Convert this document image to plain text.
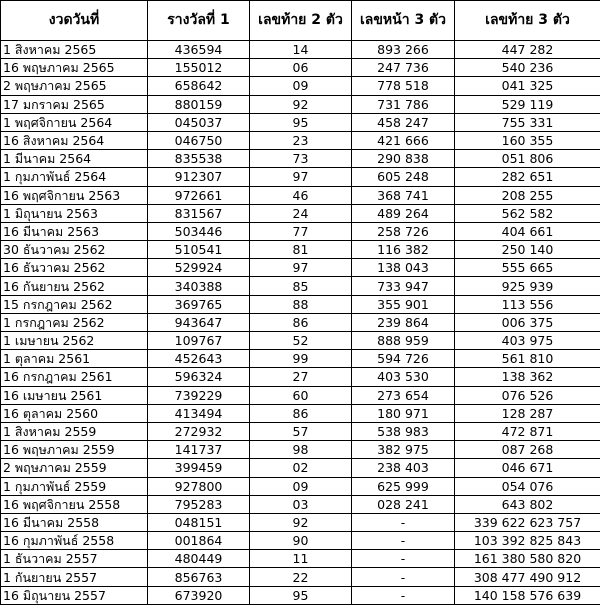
งวดวันที่	รางวัลที่ 1	เลขท้าย 2 ตัว	เลขหน้า 3 ตัว	เลขท้าย 3 ตัว
1 สิงหาคม 2565	436594	14	893 266	447 282
16 พฤษภาคม 2565	155012	06	247 736	540 236
2 พฤษภาคม 2565	658642	09	778 518	041 325
17 มกราคม 2565	880159	92	731 786	529 119
1 พฤศจิกายน 2564	045037	95	458 247	755 331
16 สิงหาคม 2564	046750	23	421 666	160 355
1 มีนาคม 2564	835538	73	290 838	051 806
1 กุมภาพันธ์ 2564	912307	97	605 248	282 651
16 พฤศจิกายน 2563	972661	46	368 741	208 255
1 มิถุนายน 2563	831567	24	489 264	562 582
16 มีนาคม 2563	503446	77	258 726	404 661
30 ธันวาคม 2562	510541	81	116 382	250 140
16 ธันวาคม 2562	529924	97	138 043	555 665
16 กันยายน 2562	340388	85	733 947	925 939
15 กรกฎาคม 2562	369765	88	355 901	113 556
1 กรกฎาคม 2562	943647	86	239 864	006 375
1 เมษายน 2562	109767	52	888 959	403 975
1 ตุลาคม 2561	452643	99	594 726	561 810
16 กรกฎาคม 2561	596324	27	403 530	138 362
16 เมษายน 2561	739229	60	273 654	076 526
16 ตุลาคม 2560	413494	86	180 971	128 287
1 สิงหาคม 2559	272932	57	538 983	472 871
16 พฤษภาคม 2559	141737	98	382 975	087 268
2 พฤษภาคม 2559	399459	02	238 403	046 671
1 กุมภาพันธ์ 2559	927800	09	625 999	054 076
16 พฤศจิกายน 2558	795283	03	028 241	643 802
16 มีนาคม 2558	048151	92	-	339 622 623 757
16 กุมภาพันธ์ 2558	001864	90	-	103 392 825 843
1 ธันวาคม 2557	480449	11	-	161 380 580 820
1 กันยายน 2557	856763	22	-	308 477 490 912
16 มิถุนายน 2557	673920	95	-	140 158 576 639
